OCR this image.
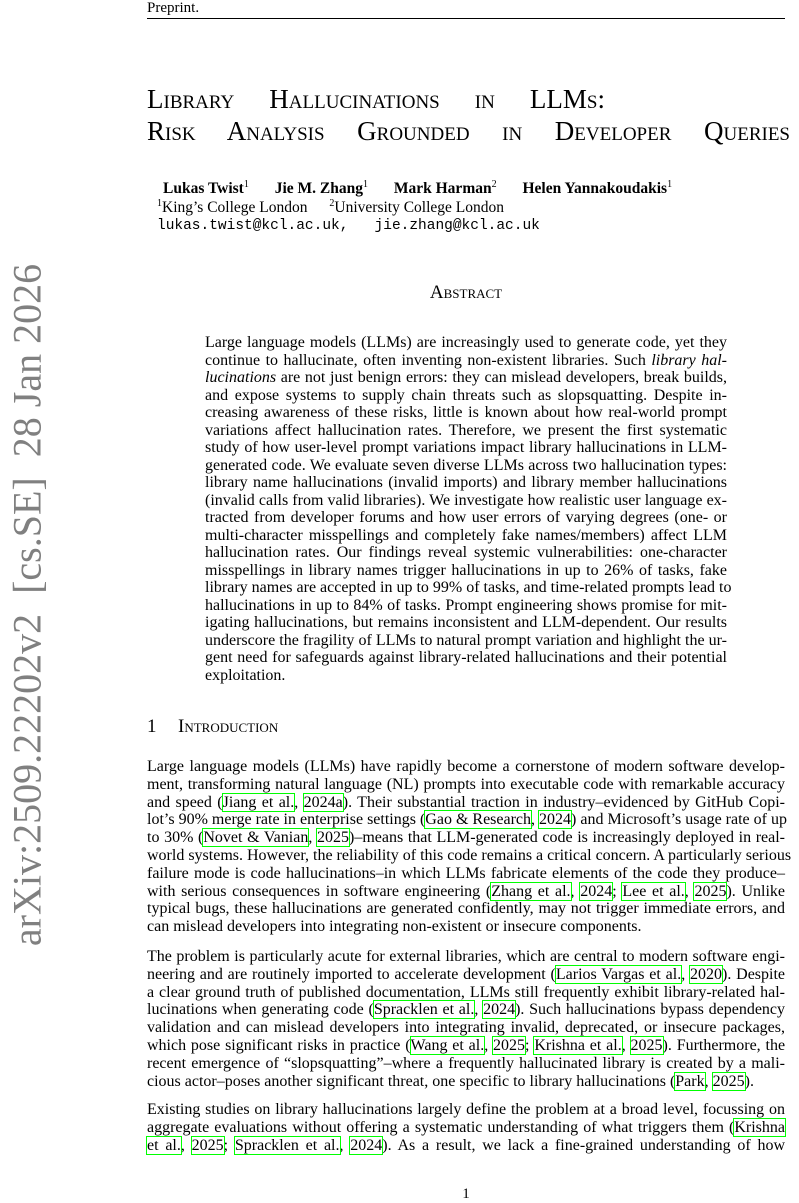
Preprint.
arXiv:2509.22202v2  [cs.SE]  28 Jan 2026
Library Hallucinations in LLMs:
Risk Analysis Grounded in Developer Queries
Lukas Twist$^1$ Jie M. Zhang$^1$ Mark Harman$^2$ Helen Yannakoudakis$^1$
$^1$King’s College London $^2$University College London
lukas.twist@kcl.ac.uk,   jie.zhang@kcl.ac.uk
Abstract
Large language models (LLMs) are increasingly used to generate code, yet they
continue to hallucinate, often inventing non-existent libraries. Such library hal-
lucinations are not just benign errors: they can mislead developers, break builds,
and expose systems to supply chain threats such as slopsquatting. Despite in-
creasing awareness of these risks, little is known about how real-world prompt
variations affect hallucination rates. Therefore, we present the first systematic
study of how user-level prompt variations impact library hallucinations in LLM-
generated code. We evaluate seven diverse LLMs across two hallucination types:
library name hallucinations (invalid imports) and library member hallucinations
(invalid calls from valid libraries). We investigate how realistic user language ex-
tracted from developer forums and how user errors of varying degrees (one- or
multi-character misspellings and completely fake names/members) affect LLM
hallucination rates. Our findings reveal systemic vulnerabilities: one-character
misspellings in library names trigger hallucinations in up to 26% of tasks, fake
library names are accepted in up to 99% of tasks, and time-related prompts lead to
hallucinations in up to 84% of tasks. Prompt engineering shows promise for mit-
igating hallucinations, but remains inconsistent and LLM-dependent. Our results
underscore the fragility of LLMs to natural prompt variation and highlight the ur-
gent need for safeguards against library-related hallucinations and their potential
exploitation.
1 Introduction
Large language models (LLMs) have rapidly become a cornerstone of modern software develop-
ment, transforming natural language (NL) prompts into executable code with remarkable accuracy
and speed (Jiang et al., 2024a). Their substantial traction in industry–evidenced by GitHub Copi-
lot’s 90% merge rate in enterprise settings (Gao & Research, 2024) and Microsoft’s usage rate of up
to 30% (Novet & Vanian, 2025)–means that LLM-generated code is increasingly deployed in real-
world systems. However, the reliability of this code remains a critical concern. A particularly serious
failure mode is code hallucinations–in which LLMs fabricate elements of the code they produce–
with serious consequences in software engineering (Zhang et al., 2024; Lee et al., 2025). Unlike
typical bugs, these hallucinations are generated confidently, may not trigger immediate errors, and
can mislead developers into integrating non-existent or insecure components.
The problem is particularly acute for external libraries, which are central to modern software engi-
neering and are routinely imported to accelerate development (Larios Vargas et al., 2020). Despite
a clear ground truth of published documentation, LLMs still frequently exhibit library-related hal-
lucinations when generating code (Spracklen et al., 2024). Such hallucinations bypass dependency
validation and can mislead developers into integrating invalid, deprecated, or insecure packages,
which pose significant risks in practice (Wang et al., 2025; Krishna et al., 2025). Furthermore, the
recent emergence of “slopsquatting”–where a frequently hallucinated library is created by a mali-
cious actor–poses another significant threat, one specific to library hallucinations (Park, 2025).
Existing studies on library hallucinations largely define the problem at a broad level, focussing on
aggregate evaluations without offering a systematic understanding of what triggers them (Krishna
et al., 2025; Spracklen et al., 2024). As a result, we lack a fine-grained understanding of how
1
